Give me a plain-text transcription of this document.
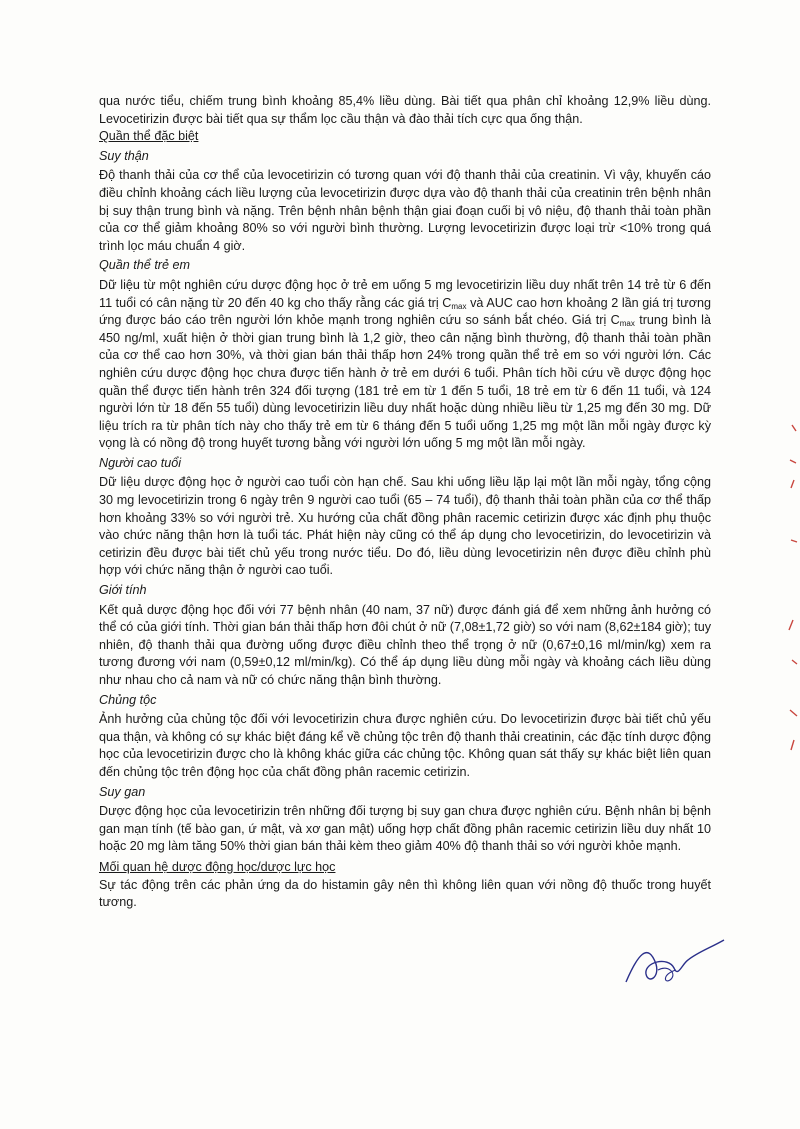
qua nước tiểu, chiếm trung bình khoảng 85,4% liều dùng. Bài tiết qua phân chỉ khoảng 12,9% liều dùng. Levocetirizin được bài tiết qua sự thẩm lọc cầu thận và đào thải tích cực qua ống thận.

Quần thể đặc biệt
Suy thận

Độ thanh thải của cơ thể của levocetirizin có tương quan với độ thanh thải của creatinin. Vì vậy, khuyến cáo điều chỉnh khoảng cách liều lượng của levocetirizin được dựa vào độ thanh thải của creatinin trên bệnh nhân bị suy thận trung bình và nặng. Trên bệnh nhân bệnh thận giai đoạn cuối bị vô niệu, độ thanh thải toàn phần của cơ thể giảm khoảng 80% so với người bình thường. Lượng levocetirizin được loại trừ <10% trong quá trình lọc máu chuẩn 4 giờ.

Quần thể trẻ em

Dữ liệu từ một nghiên cứu dược động học ở trẻ em uống 5 mg levocetirizin liều duy nhất trên 14 trẻ từ 6 đến 11 tuổi có cân nặng từ 20 đến 40 kg cho thấy rằng các giá trị $C_{max}$ và AUC cao hơn khoảng 2 lần giá trị tương ứng được báo cáo trên người lớn khỏe mạnh trong nghiên cứu so sánh bắt chéo. Giá trị $C_{max}$ trung bình là 450 ng/ml, xuất hiện ở thời gian trung bình là 1,2 giờ, theo cân nặng bình thường, độ thanh thải toàn phần của cơ thể cao hơn 30%, và thời gian bán thải thấp hơn 24% trong quần thể trẻ em so với người lớn. Các nghiên cứu dược động học chưa được tiến hành ở trẻ em dưới 6 tuổi. Phân tích hồi cứu về dược động học quần thể được tiến hành trên 324 đối tượng (181 trẻ em từ 1 đến 5 tuổi, 18 trẻ em từ 6 đến 11 tuổi, và 124 người lớn từ 18 đến 55 tuổi) dùng levocetirizin liều duy nhất hoặc dùng nhiều liều từ 1,25 mg đến 30 mg. Dữ liệu trích ra từ phân tích này cho thấy trẻ em từ 6 tháng đến 5 tuổi uống 1,25 mg một lần mỗi ngày được kỳ vọng là có nồng độ trong huyết tương bằng với người lớn uống 5 mg một lần mỗi ngày.

Người cao tuổi

Dữ liệu dược động học ở người cao tuổi còn hạn chế. Sau khi uống liều lặp lại một lần mỗi ngày, tổng cộng 30 mg levocetirizin trong 6 ngày trên 9 người cao tuổi (65 – 74 tuổi), độ thanh thải toàn phần của cơ thể thấp hơn khoảng 33% so với người trẻ. Xu hướng của chất đồng phân racemic cetirizin được xác định phụ thuộc vào chức năng thận hơn là tuổi tác. Phát hiện này cũng có thể áp dụng cho levocetirizin, do levocetirizin và cetirizin đều được bài tiết chủ yếu trong nước tiểu. Do đó, liều dùng levocetirizin nên được điều chỉnh phù hợp với chức năng thận ở người cao tuổi.

Giới tính

Kết quả dược động học đối với 77 bệnh nhân (40 nam, 37 nữ) được đánh giá để xem những ảnh hưởng có thể có của giới tính. Thời gian bán thải thấp hơn đôi chút ở nữ (7,08±1,72 giờ) so với nam (8,62±184 giờ); tuy nhiên, độ thanh thải qua đường uống được điều chỉnh theo thể trọng ở nữ (0,67±0,16 ml/min/kg) xem ra tương đương với nam (0,59±0,12 ml/min/kg). Có thể áp dụng liều dùng mỗi ngày và khoảng cách liều dùng như nhau cho cả nam và nữ có chức năng thận bình thường.

Chủng tộc

Ảnh hưởng của chủng tộc đối với levocetirizin chưa được nghiên cứu. Do levocetirizin được bài tiết chủ yếu qua thận, và không có sự khác biệt đáng kể về chủng tộc trên độ thanh thải creatinin, các đặc tính dược động học của levocetirizin được cho là không khác giữa các chủng tộc. Không quan sát thấy sự khác biệt liên quan đến chủng tộc trên động học của chất đồng phân racemic cetirizin.

Suy gan

Dược động học của levocetirizin trên những đối tượng bị suy gan chưa được nghiên cứu. Bệnh nhân bị bệnh gan mạn tính (tế bào gan, ứ mật, và xơ gan mật) uống hợp chất đồng phân racemic cetirizin liều duy nhất 10 hoặc 20 mg làm tăng 50% thời gian bán thải kèm theo giảm 40% độ thanh thải so với người khỏe mạnh.

Mối quan hệ dược động học/dược lực học

Sự tác động trên các phản ứng da do histamin gây nên thì không liên quan với nồng độ thuốc trong huyết tương.
